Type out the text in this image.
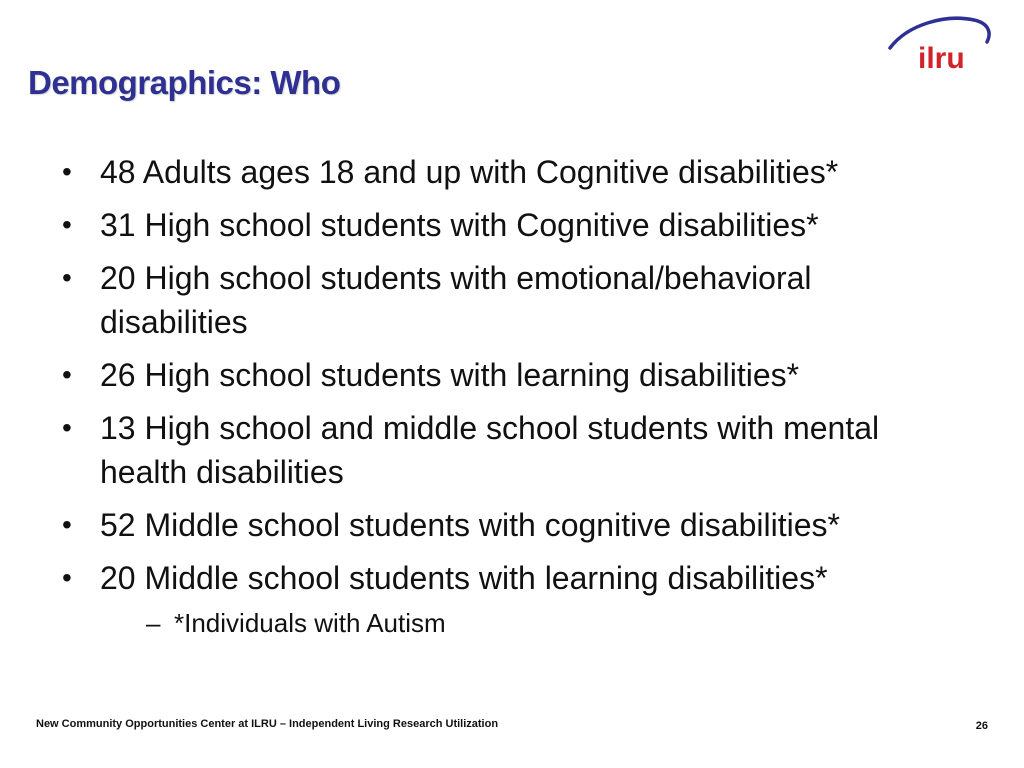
Demographics: Who
ilru
• 48 Adults ages 18 and up with Cognitive disabilities*
• 31 High school students with Cognitive disabilities*
• 20 High school students with emotional/behavioral disabilities
• 26 High school students with learning disabilities*
• 13 High school and middle school students with mental health disabilities
• 52 Middle school students with cognitive disabilities*
• 20 Middle school students with learning disabilities*
– *Individuals with Autism
New Community Opportunities Center at ILRU – Independent Living Research Utilization	26
